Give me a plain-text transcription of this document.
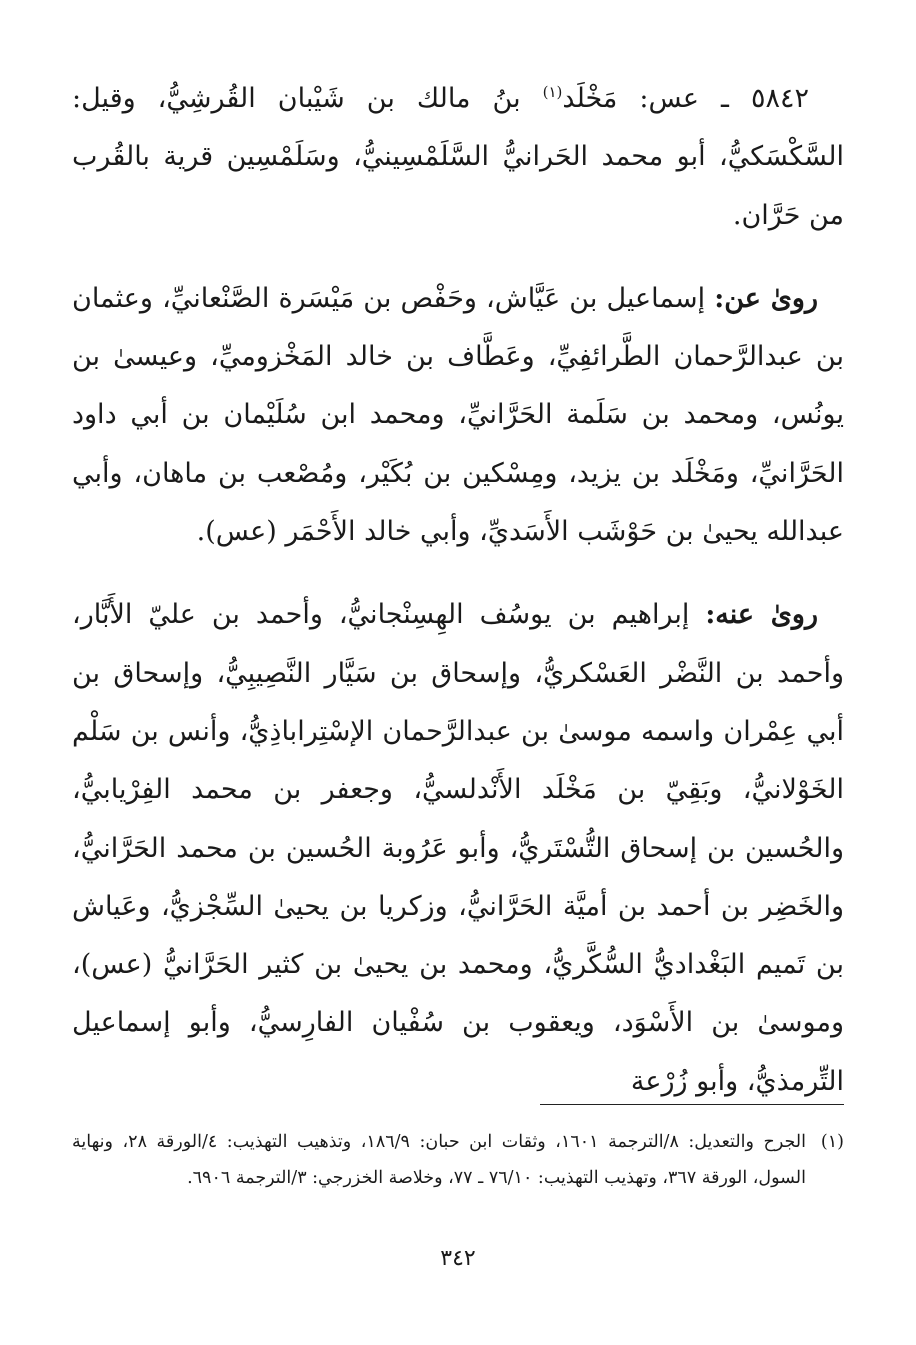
٥٨٤٢ ـ عس: مَخْلَد$^{(١)}$ بنُ مالك بن شَيْبان القُرشِيُّ، وقيل: السَّكْسَكيُّ، أبو محمد الحَرانيُّ السَّلَمْسِينيُّ، وسَلَمْسِين قرية بالقُرب من حَرَّان.

روىٰ عن: إسماعيل بن عَيَّاش، وحَفْص بن مَيْسَرة الصَّنْعانيِّ، وعثمان بن عبدالرَّحمان الطَّرائفِيِّ، وعَطَّاف بن خالد المَخْزوميِّ، وعيسىٰ بن يونُس، ومحمد بن سَلَمة الحَرَّانيِّ، ومحمد ابن سُلَيْمان بن أبي داود الحَرَّانيِّ، ومَخْلَد بن يزيد، ومِسْكين بن بُكَيْر، ومُصْعب بن ماهان، وأبي عبدالله يحيىٰ بن حَوْشَب الأَسَديِّ، وأبي خالد الأَحْمَر (عس).

روىٰ عنه: إبراهيم بن يوسُف الهِسِنْجانيُّ، وأحمد بن عليّ الأَبَّار، وأحمد بن النَّضْر العَسْكريُّ، وإسحاق بن سَيَّار النَّصِيبِيُّ، وإسحاق بن أبي عِمْران واسمه موسىٰ بن عبدالرَّحمان الإسْتِراباذِيُّ، وأنس بن سَلْم الخَوْلانيُّ، وبَقِيّ بن مَخْلَد الأَنْدلسيُّ، وجعفر بن محمد الفِرْيابيُّ، والحُسين بن إسحاق التُّسْتَريُّ، وأبو عَرُوبة الحُسين بن محمد الحَرَّانيُّ، والخَضِر بن أحمد بن أميَّة الحَرَّانيُّ، وزكريا بن يحيىٰ السِّجْزيُّ، وعَياش بن تَميم البَغْداديُّ السُّكَّريُّ، ومحمد بن يحيىٰ بن كثير الحَرَّانيُّ (عس)، وموسىٰ بن الأَسْوَد، ويعقوب بن سُفْيان الفارِسيُّ، وأبو إسماعيل التِّرمذيُّ، وأبو زُرْعة

(١)الجرح والتعديل: ٨/الترجمة ١٦٠١، وثقات ابن حبان: ١٨٦/٩، وتذهيب التهذيب: ٤/الورقة ٢٨، ونهاية السول، الورقة ٣٦٧، وتهذيب التهذيب: ٧٦/١٠ ـ ٧٧، وخلاصة الخزرجي: ٣/الترجمة ٦٩٠٦.

٣٤٢
